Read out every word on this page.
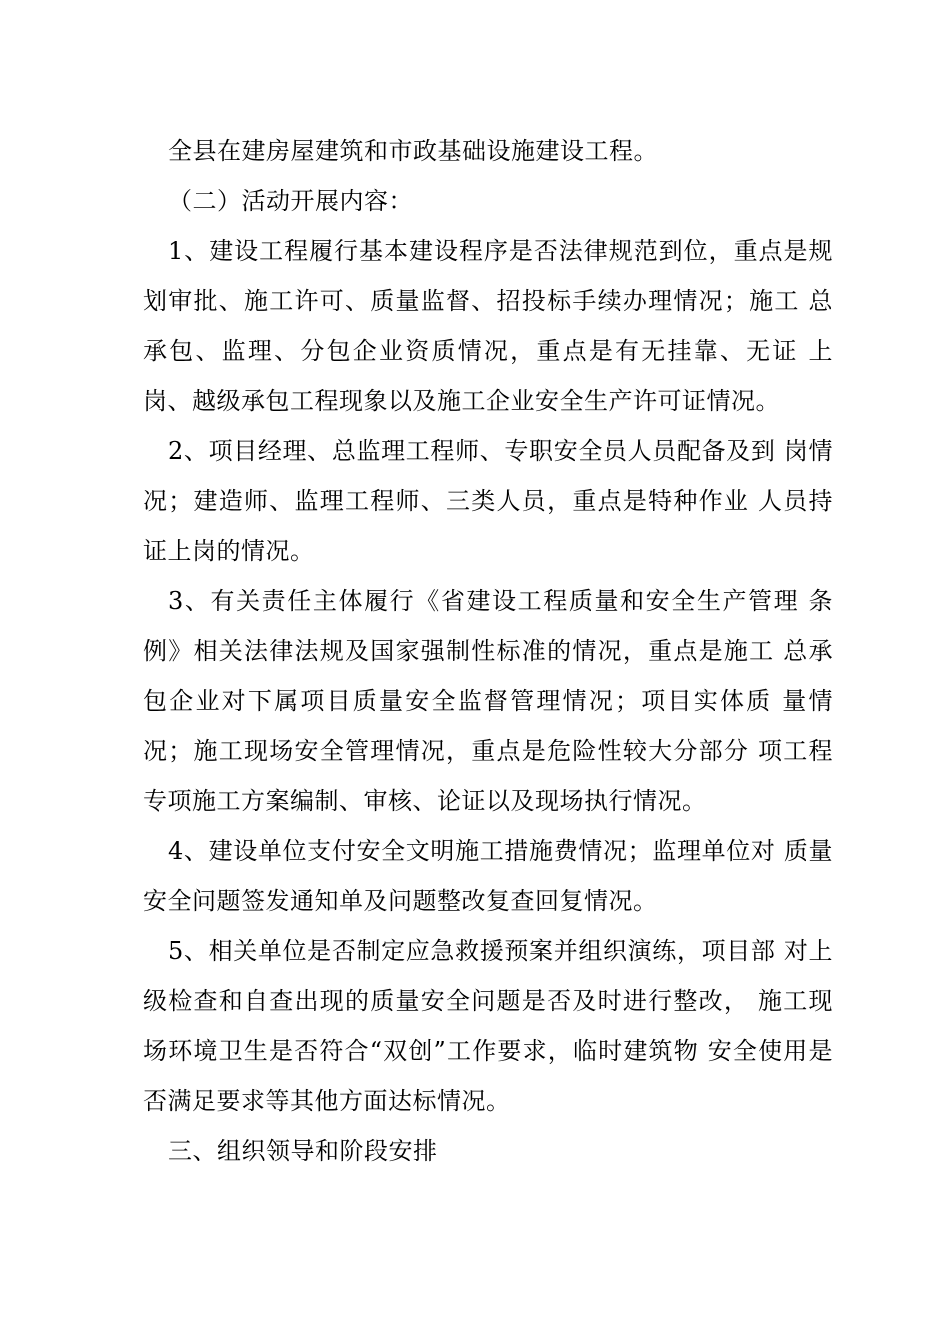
全县在建房屋建筑和市政基础设施建设工程。

（二）活动开展内容：

1、建设工程履行基本建设程序是否法律规范到位，重点是规划审批、施工许可、质量监督、招投标手续办理情况；施工 总承包、监理、分包企业资质情况，重点是有无挂靠、无证 上岗、越级承包工程现象以及施工企业安全生产许可证情况。

2、项目经理、总监理工程师、专职安全员人员配备及到 岗情况；建造师、监理工程师、三类人员，重点是特种作业 人员持证上岗的情况。

3、有关责任主体履行《省建设工程质量和安全生产管理 条例》相关法律法规及国家强制性标准的情况，重点是施工 总承包企业对下属项目质量安全监督管理情况；项目实体质 量情况；施工现场安全管理情况，重点是危险性较大分部分 项工程专项施工方案编制、审核、论证以及现场执行情况。

4、建设单位支付安全文明施工措施费情况；监理单位对 质量安全问题签发通知单及问题整改复查回复情况。

5、相关单位是否制定应急救援预案并组织演练，项目部 对上级检查和自查出现的质量安全问题是否及时进行整改， 施工现场环境卫生是否符合“双创”工作要求，临时建筑物 安全使用是否满足要求等其他方面达标情况。

三、组织领导和阶段安排
